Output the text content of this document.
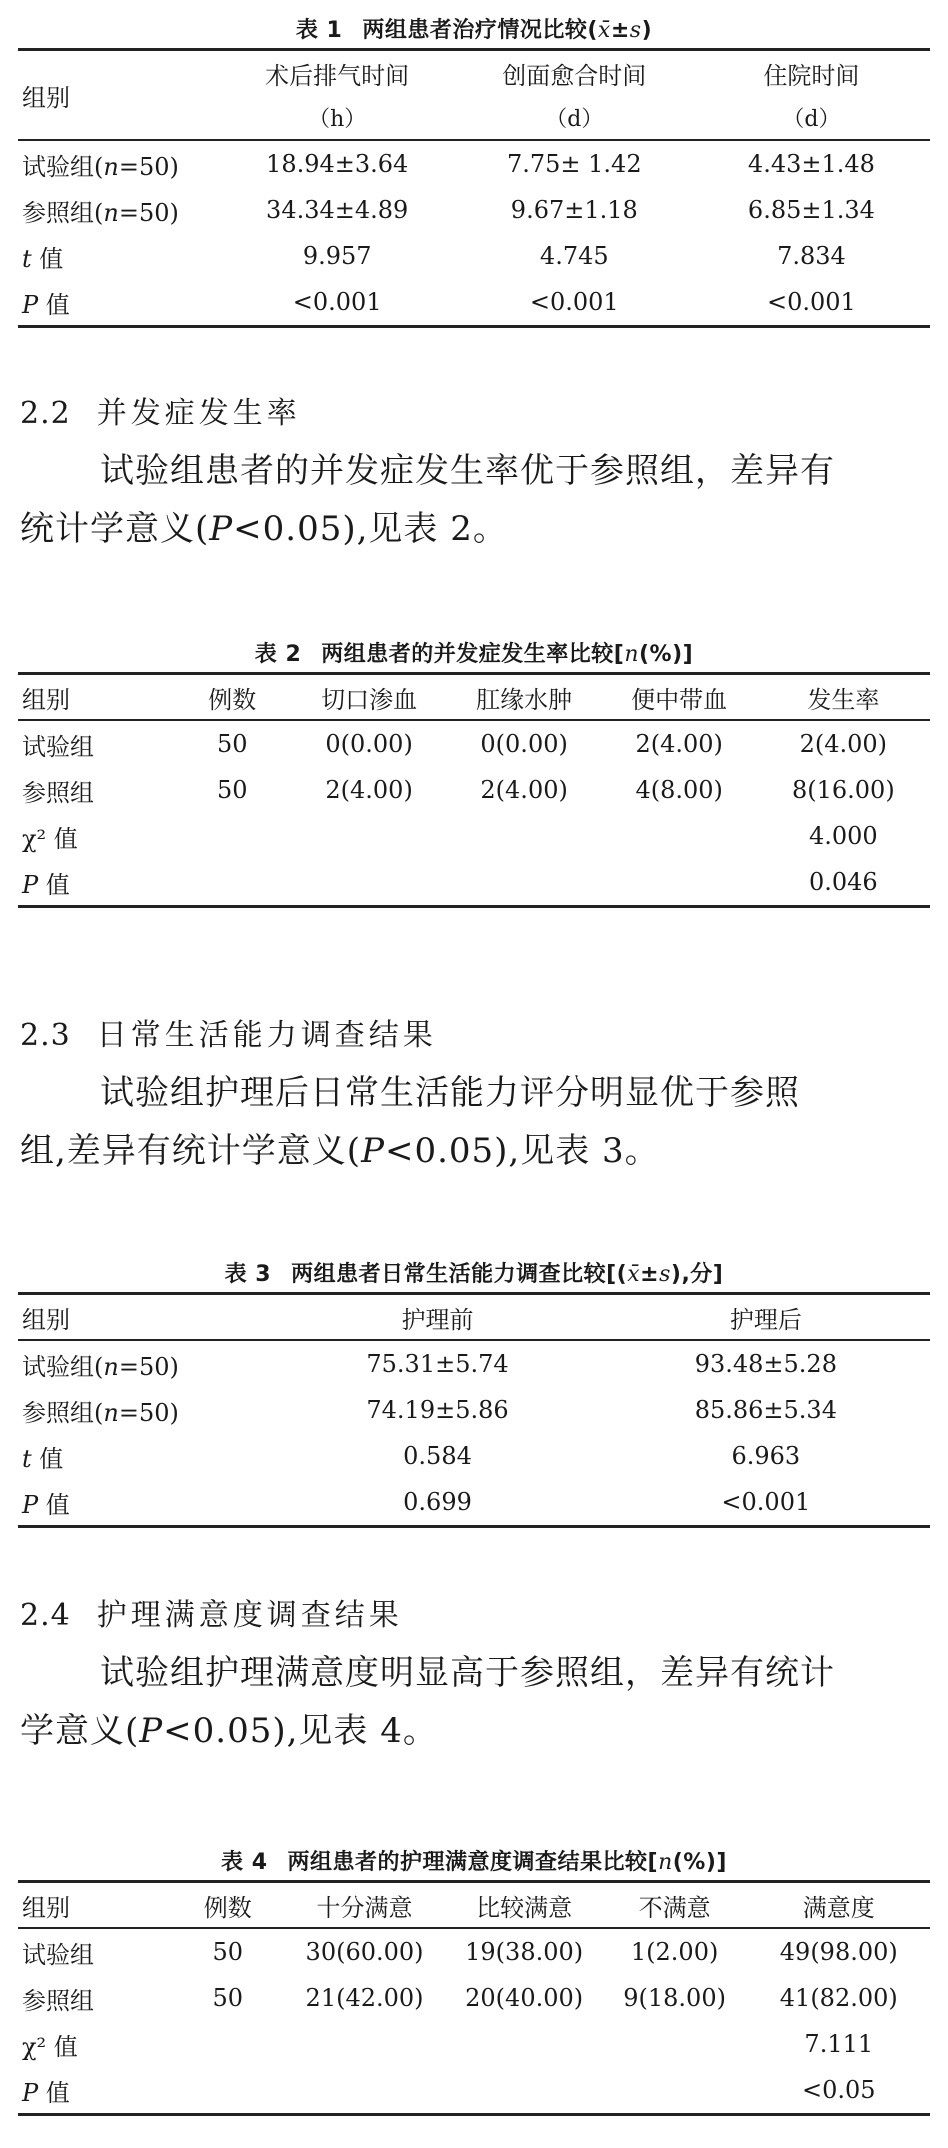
表 1 两组患者治疗情况比较(x̄±s)
组别	术后排气时间	创面愈合时间	住院时间
	（h）	（d）	（d）
试验组(n=50)	18.94±3.64	7.75± 1.42	4.43±1.48
参照组(n=50)	34.34±4.89	9.67±1.18	6.85±1.34
t 值	9.957	4.745	7.834
P 值	<0.001	<0.001	<0.001
2.2 并发症发生率
试验组患者的并发症发生率优于参照组，差异有
统计学意义(P<0.05),见表 2。
表 2 两组患者的并发症发生率比较[n(%)]
组别	例数	切口渗血	肛缘水肿	便中带血	发生率
试验组	50	0(0.00)	0(0.00)	2(4.00)	2(4.00)
参照组	50	2(4.00)	2(4.00)	4(8.00)	8(16.00)
χ² 值					4.000
P 值					0.046
2.3 日常生活能力调查结果
试验组护理后日常生活能力评分明显优于参照
组,差异有统计学意义(P<0.05),见表 3。
表 3 两组患者日常生活能力调查比较[(x̄±s),分]
组别	护理前	护理后
试验组(n=50)	75.31±5.74	93.48±5.28
参照组(n=50)	74.19±5.86	85.86±5.34
t 值	0.584	6.963
P 值	0.699	<0.001
2.4 护理满意度调查结果
试验组护理满意度明显高于参照组，差异有统计
学意义(P<0.05),见表 4。
表 4 两组患者的护理满意度调查结果比较[n(%)]
组别	例数	十分满意	比较满意	不满意	满意度
试验组	50	30(60.00)	19(38.00)	1(2.00)	49(98.00)
参照组	50	21(42.00)	20(40.00)	9(18.00)	41(82.00)
χ² 值					7.111
P 值					<0.05
